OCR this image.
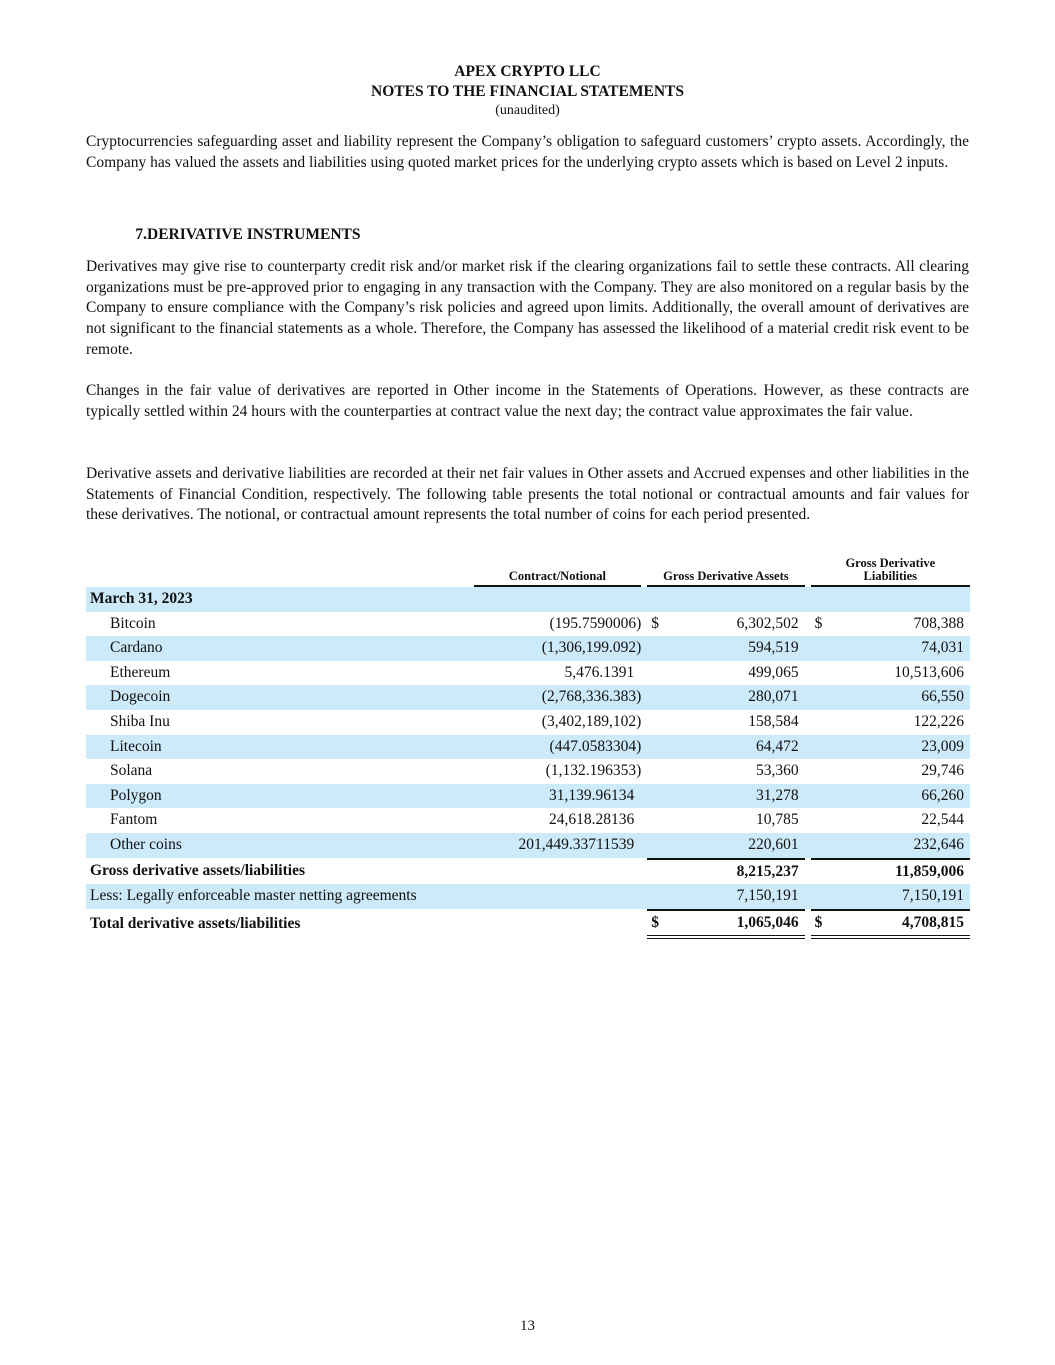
APEX CRYPTO LLC
NOTES TO THE FINANCIAL STATEMENTS
(unaudited)

Cryptocurrencies safeguarding asset and liability represent the Company’s obligation to safeguard customers’ crypto assets. Accordingly, the Company has valued the assets and liabilities using quoted market prices for the underlying crypto assets which is based on Level 2 inputs.

7.DERIVATIVE INSTRUMENTS

Derivatives may give rise to counterparty credit risk and/or market risk if the clearing organizations fail to settle these contracts. All clearing organizations must be pre-approved prior to engaging in any transaction with the Company. They are also monitored on a regular basis by the Company to ensure compliance with the Company’s risk policies and agreed upon limits. Additionally, the overall amount of derivatives are not significant to the financial statements as a whole. Therefore, the Company has assessed the likelihood of a material credit risk event to be remote.

Changes in the fair value of derivatives are reported in Other income in the Statements of Operations. However, as these contracts are typically settled within 24 hours with the counterparties at contract value the next day; the contract value approximates the fair value.

Derivative assets and derivative liabilities are recorded at their net fair values in Other assets and Accrued expenses and other liabilities in the Statements of Financial Condition, respectively. The following table presents the total notional or contractual amounts and fair values for these derivatives. The notional, or contractual amount represents the total number of coins for each period presented.

	Contract/Notional		Gross Derivative Assets		Gross Derivative
Liabilities

March 31, 2023					
Bitcoin	(195.7590006)		$ 6,302,502		$ 708,388

Cardano	(1,306,199.092)		594,519		74,031
Ethereum	5,476.1391		499,065		10,513,606
Dogecoin	(2,768,336.383)		280,071		66,550
Shiba Inu	(3,402,189,102)		158,584		122,226
Litecoin	(447.0583304)		64,472		23,009
Solana	(1,132.196353)		53,360		29,746
Polygon	31,139.96134		31,278		66,260
Fantom	24,618.28136		10,785		22,544
Other coins	201,449.33711539		220,601		232,646
Gross derivative assets/liabilities			8,215,237		11,859,006
Less: Legally enforceable master netting agreements			7,150,191		7,150,191
Total derivative assets/liabilities			$ 1,065,046		$ 4,708,815
13
